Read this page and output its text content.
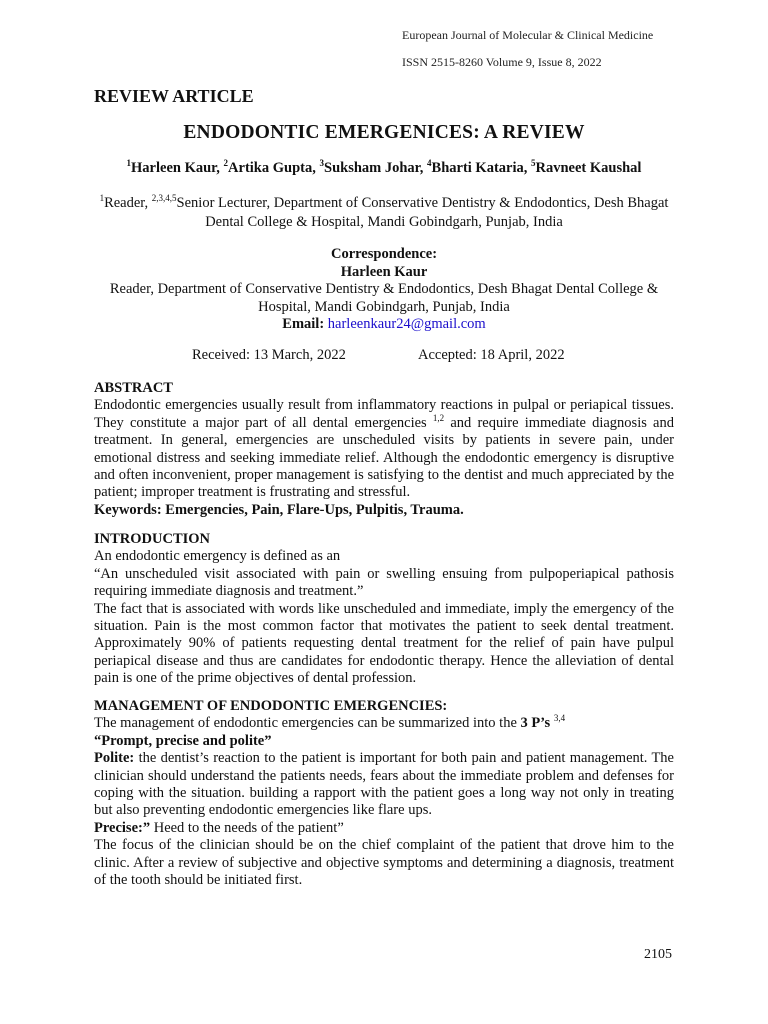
European Journal of Molecular & Clinical Medicine
ISSN 2515-8260 Volume 9, Issue 8, 2022
REVIEW ARTICLE
ENDODONTIC EMERGENICES: A REVIEW
$^1$Harleen Kaur, $^2$Artika Gupta, $^3$Suksham Johar, $^4$Bharti Kataria, $^5$Ravneet Kaushal
$^1$Reader, $^{2,3,4,5}$Senior Lecturer, Department of Conservative Dentistry & Endodontics, Desh Bhagat Dental College & Hospital, Mandi Gobindgarh, Punjab, India
Correspondence:
Harleen Kaur
Reader, Department of Conservative Dentistry & Endodontics, Desh Bhagat Dental College & Hospital, Mandi Gobindgarh, Punjab, India
Email: harleenkaur24@gmail.com
Received: 13 March, 2022	Accepted: 18 April, 2022

ABSTRACT

Endodontic emergencies usually result from inflammatory reactions in pulpal or periapical tissues. They constitute a major part of all dental emergencies $^{1,2}$ and require immediate diagnosis and treatment. In general, emergencies are unscheduled visits by patients in severe pain, under emotional distress and seeking immediate relief. Although the endodontic emergency is disruptive and often inconvenient, proper management is satisfying to the dentist and much appreciated by the patient; improper treatment is frustrating and stressful.

Keywords: Emergencies, Pain, Flare-Ups, Pulpitis, Trauma.

INTRODUCTION

An endodontic emergency is defined as an

“An unscheduled visit associated with pain or swelling ensuing from pulpoperiapical pathosis requiring immediate diagnosis and treatment.”

The fact that is associated with words like unscheduled and immediate, imply the emergency of the situation. Pain is the most common factor that motivates the patient to seek dental treatment. Approximately 90% of patients requesting dental treatment for the relief of pain have pulpul periapical disease and thus are candidates for endodontic therapy. Hence the alleviation of dental pain is one of the prime objectives of dental profession.

MANAGEMENT OF ENDODONTIC EMERGENCIES:

The management of endodontic emergencies can be summarized into the 3 P’s $^{3,4}$

“Prompt, precise and polite”

Polite: the dentist’s reaction to the patient is important for both pain and patient management. The clinician should understand the patients needs, fears about the immediate problem and defenses for coping with the situation. building a rapport with the patient goes a long way not only in treating but also preventing endodontic emergencies like flare ups.

Precise:” Heed to the needs of the patient”

The focus of the clinician should be on the chief complaint of the patient that drove him to the clinic. After a review of subjective and objective symptoms and determining a diagnosis, treatment of the tooth should be initiated first.

2105
